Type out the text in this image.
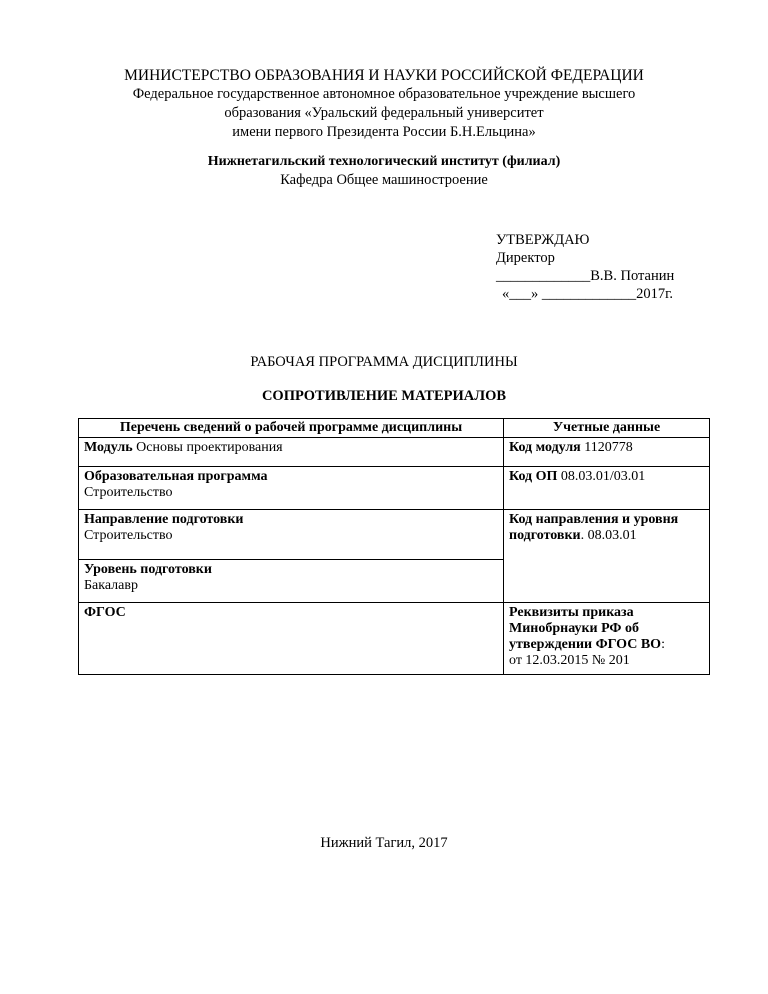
МИНИСТЕРСТВО ОБРАЗОВАНИЯ И НАУКИ РОССИЙСКОЙ ФЕДЕРАЦИИ
Федеральное государственное автономное образовательное учреждение высшего
образования «Уральский федеральный университет
имени первого Президента России Б.Н.Ельцина»
Нижнетагильский технологический институт (филиал)
Кафедра Общее машиностроение
УТВЕРЖДАЮ
Директор
_____________В.В. Потанин
«___» _____________2017г.
РАБОЧАЯ ПРОГРАММА ДИСЦИПЛИНЫ
СОПРОТИВЛЕНИЕ МАТЕРИАЛОВ
Перечень сведений о рабочей программе дисциплины	Учетные данные
Модуль Основы проектирования	Код модуля 1120778

Образовательная программа
Строительство	Код ОП 08.03.01/03.01

Направление подготовки
Строительство	Код направления и уровня подготовки. 08.03.01

Уровень подготовки
Бакалавр	

ФГОС	Реквизиты приказа Минобрнауки РФ об утверждении ФГОС ВО:
от 12.03.2015 № 201
Нижний Тагил, 2017
